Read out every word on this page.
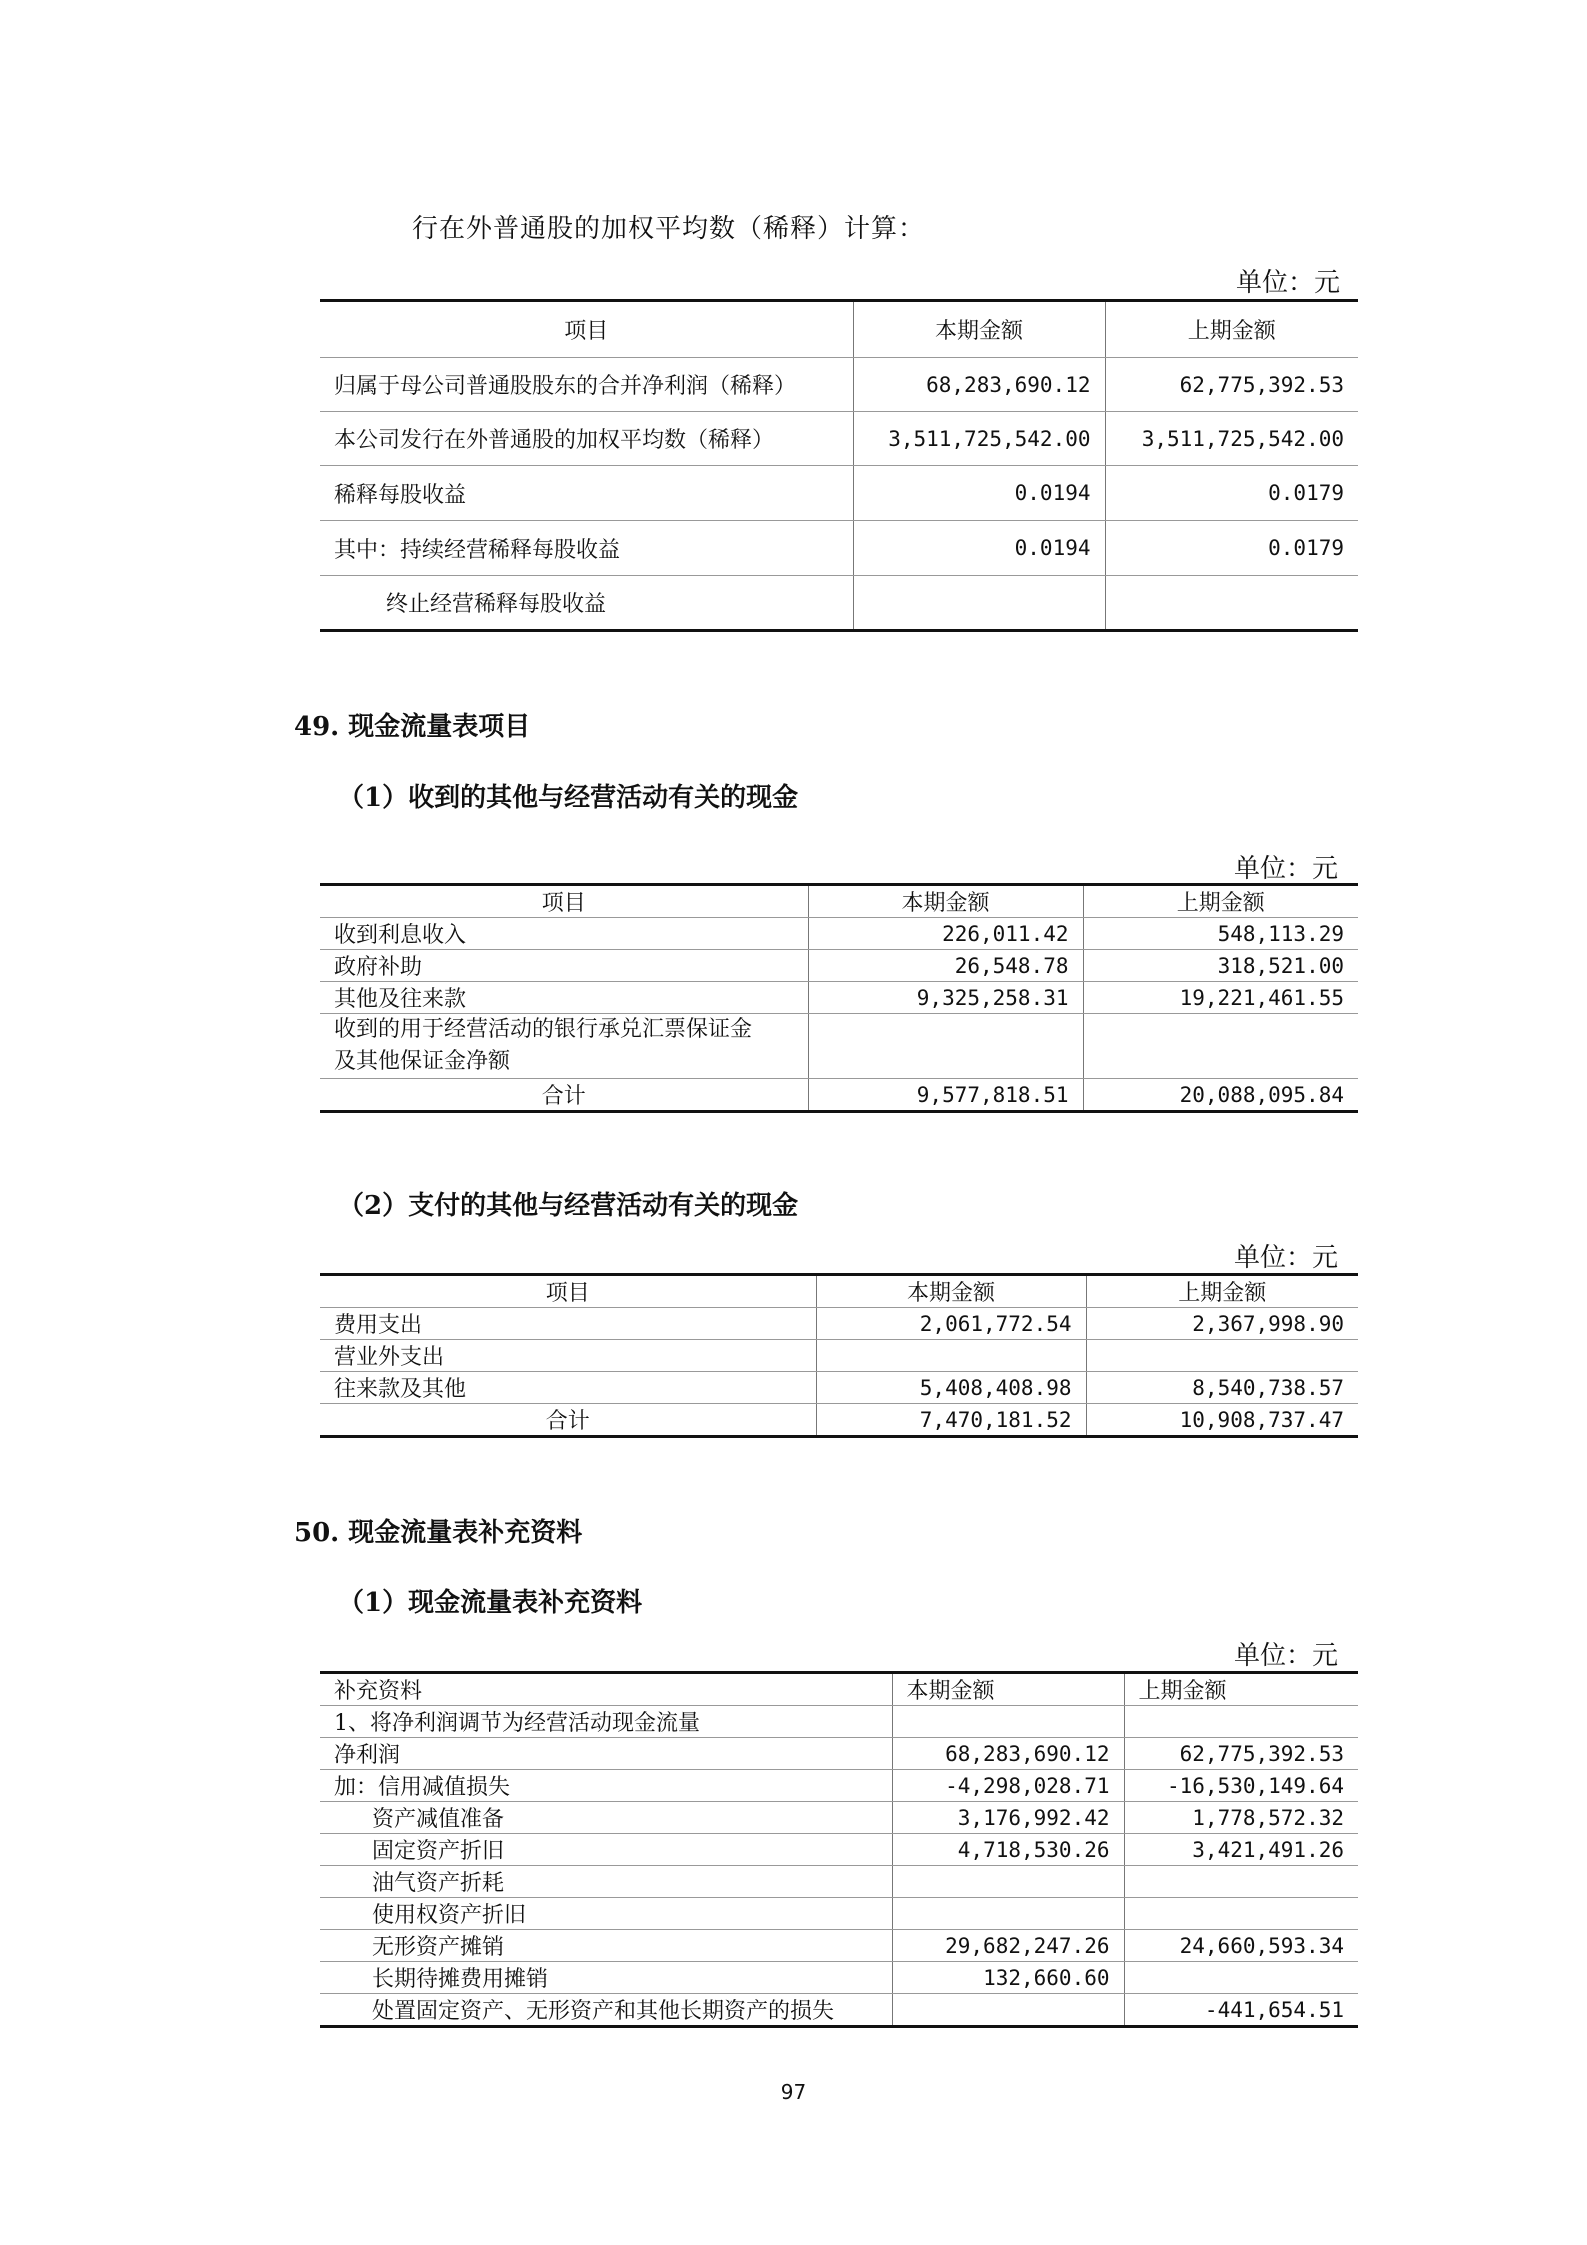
行在外普通股的加权平均数（稀释）计算：
单位：元
项目	本期金额	上期金额
归属于母公司普通股股东的合并净利润（稀释）	68,283,690.12	62,775,392.53
本公司发行在外普通股的加权平均数（稀释）	3,511,725,542.00	3,511,725,542.00
稀释每股收益	0.0194	0.0179
其中：持续经营稀释每股收益	0.0194	0.0179
终止经营稀释每股收益		
49. 现金流量表项目
（1）收到的其他与经营活动有关的现金
单位：元
项目	本期金额	上期金额
收到利息收入	226,011.42	548,113.29
政府补助	26,548.78	318,521.00
其他及往来款	9,325,258.31	19,221,461.55
收到的用于经营活动的银行承兑汇票保证金
及其他保证金净额		
合计	9,577,818.51	20,088,095.84
（2）支付的其他与经营活动有关的现金
单位：元
项目	本期金额	上期金额
费用支出	2,061,772.54	2,367,998.90
营业外支出		
往来款及其他	5,408,408.98	8,540,738.57
合计	7,470,181.52	10,908,737.47
50. 现金流量表补充资料
（1）现金流量表补充资料
单位：元
补充资料	本期金额	上期金额
1、将净利润调节为经营活动现金流量		
净利润	68,283,690.12	62,775,392.53
加：信用减值损失	-4,298,028.71	-16,530,149.64
资产减值准备	3,176,992.42	1,778,572.32
固定资产折旧	4,718,530.26	3,421,491.26
油气资产折耗		
使用权资产折旧		
无形资产摊销	29,682,247.26	24,660,593.34
长期待摊费用摊销	132,660.60	
处置固定资产、无形资产和其他长期资产的损失		-441,654.51
97
